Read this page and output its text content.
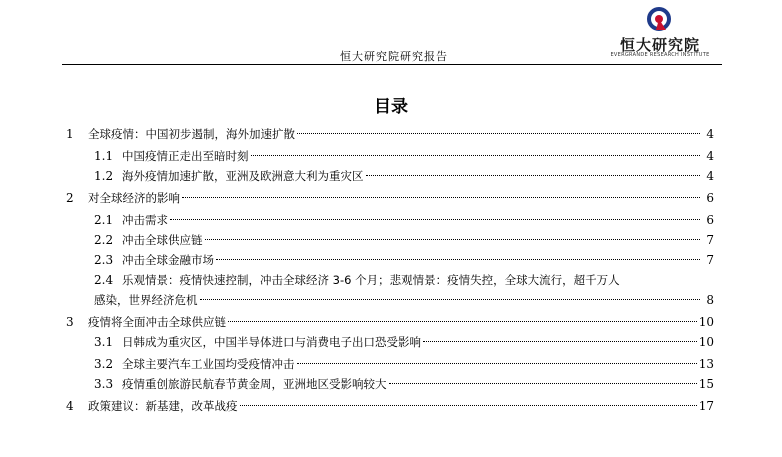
恒大研究院研究报告
恒大研究院
EVERGRANDE RESEARCH INSTITUTE
目录
1	全球疫情：中国初步遏制，海外加速扩散	4
1.1 中国疫情正走出至暗时刻	4
1.2 海外疫情加速扩散，亚洲及欧洲意大利为重灾区	4
2	对全球经济的影响	6
2.1 冲击需求	6
2.2 冲击全球供应链	7
2.3 冲击全球金融市场	7
2.4 乐观情景：疫情快速控制，冲击全球经济 3-6 个月；悲观情景：疫情失控，全球大流行，超千万人
感染，世界经济危机	8
3	疫情将全面冲击全球供应链	10
3.1 日韩成为重灾区，中国半导体进口与消费电子出口恐受影响	10
3.2 全球主要汽车工业国均受疫情冲击	13
3.3 疫情重创旅游民航春节黄金周，亚洲地区受影响较大	15
4	政策建议：新基建，改革战疫	17
